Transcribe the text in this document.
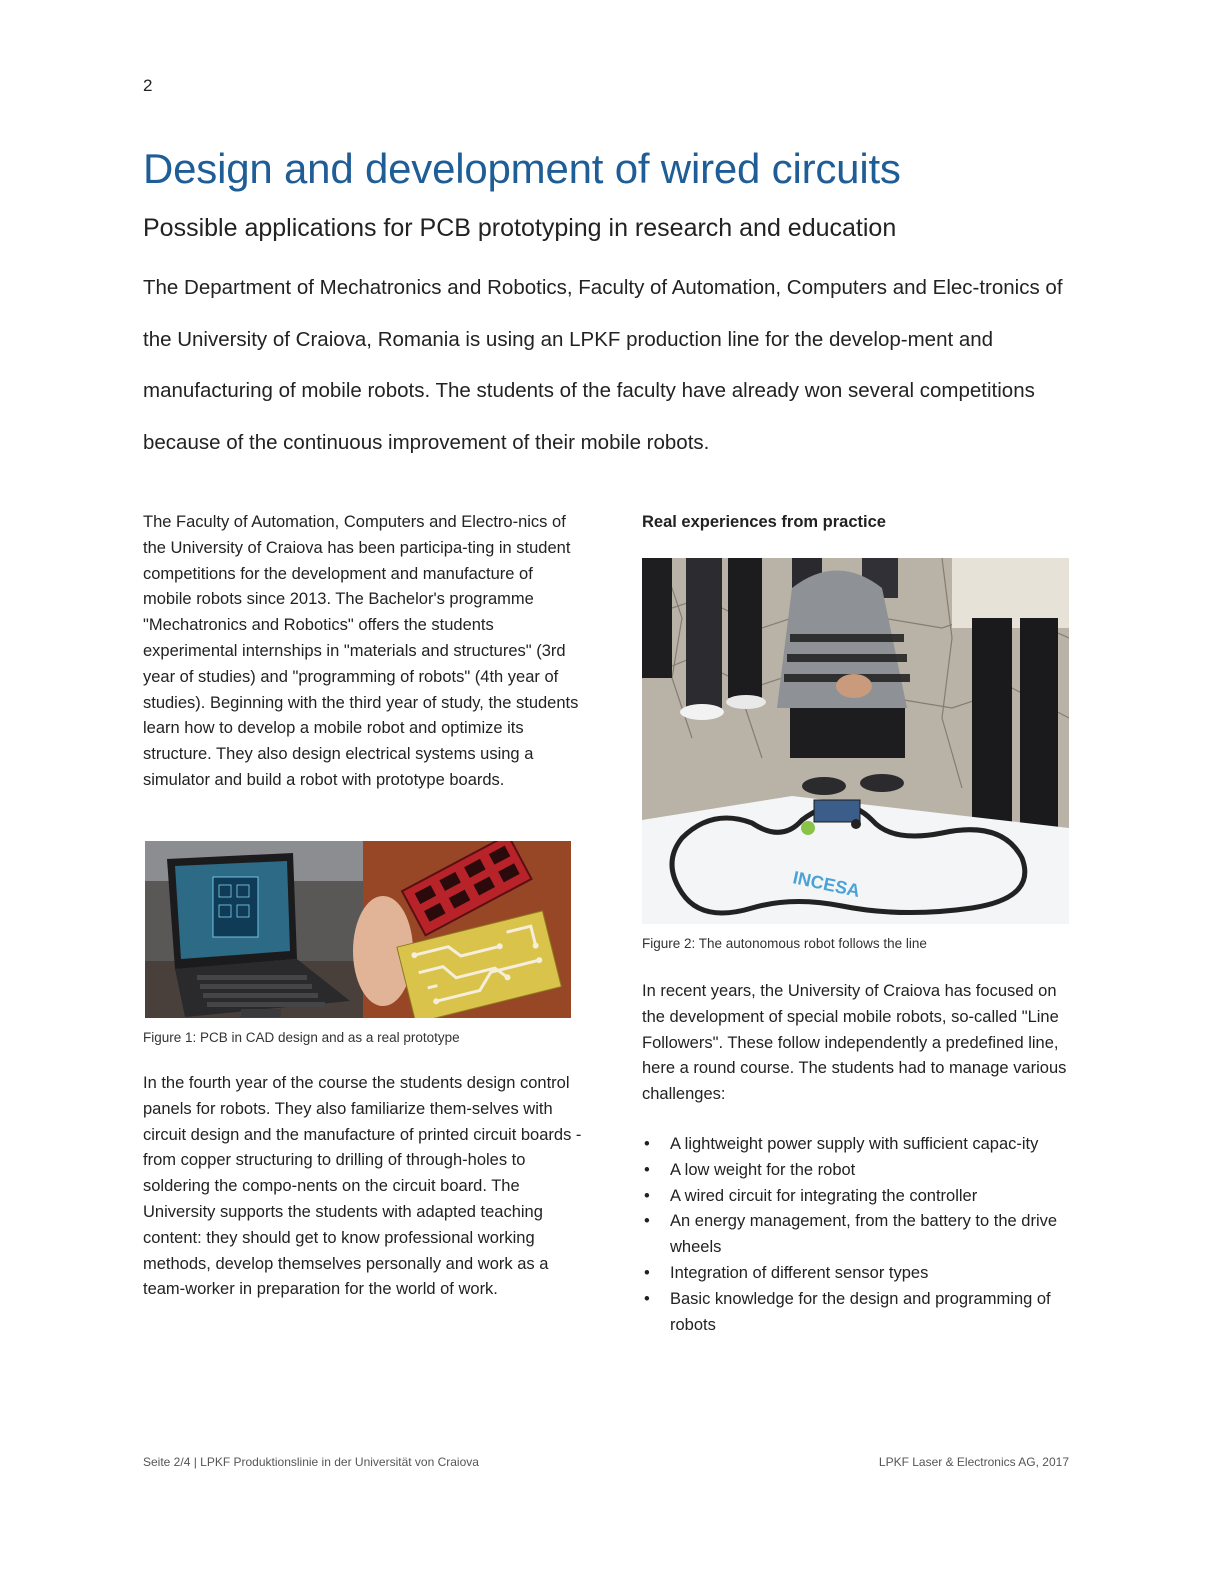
2
Design and development of wired circuits
Possible applications for PCB prototyping in research and education

The Department of Mechatronics and Robotics, Faculty of Automation, Computers and Elec-tronics of the University of Craiova, Romania is using an LPKF production line for the develop-ment and manufacturing of mobile robots. The students of the faculty have already won several competitions because of the continuous improvement of their mobile robots.

The Faculty of Automation, Computers and Electro-nics of the University of Craiova has been participa-ting in student competitions for the development and manufacture of mobile robots since 2013. The Bachelor's programme "Mechatronics and Robotics" offers the students experimental internships in "materials and structures" (3rd year of studies) and "programming of robots" (4th year of studies). Beginning with the third year of study, the students learn how to develop a mobile robot and optimize its structure. They also design electrical systems using a simulator and build a robot with prototype boards.

Figure 1: PCB in CAD design and as a real prototype

In the fourth year of the course the students design control panels for robots. They also familiarize them-selves with circuit design and the manufacture of printed circuit boards - from copper structuring to drilling of through-holes to soldering the compo-nents on the circuit board. The University supports the students with adapted teaching content: they should get to know professional working methods, develop themselves personally and work as a team-worker in preparation for the world of work.

Real experiences from practice
INCESA
Figure 2: The autonomous robot follows the line

In recent years, the University of Craiova has focused on the development of special mobile robots, so-called "Line Followers". These follow independently a predefined line, here a round course. The students had to manage various challenges:

• A lightweight power supply with sufficient capac-ity
• A low weight for the robot
• A wired circuit for integrating the controller
• An energy management, from the battery to the drive wheels
• Integration of different sensor types
• Basic knowledge for the design and programming of robots
Seite 2/4 | LPKF Produktionslinie in der Universität von Craiova	LPKF Laser & Electronics AG, 2017
